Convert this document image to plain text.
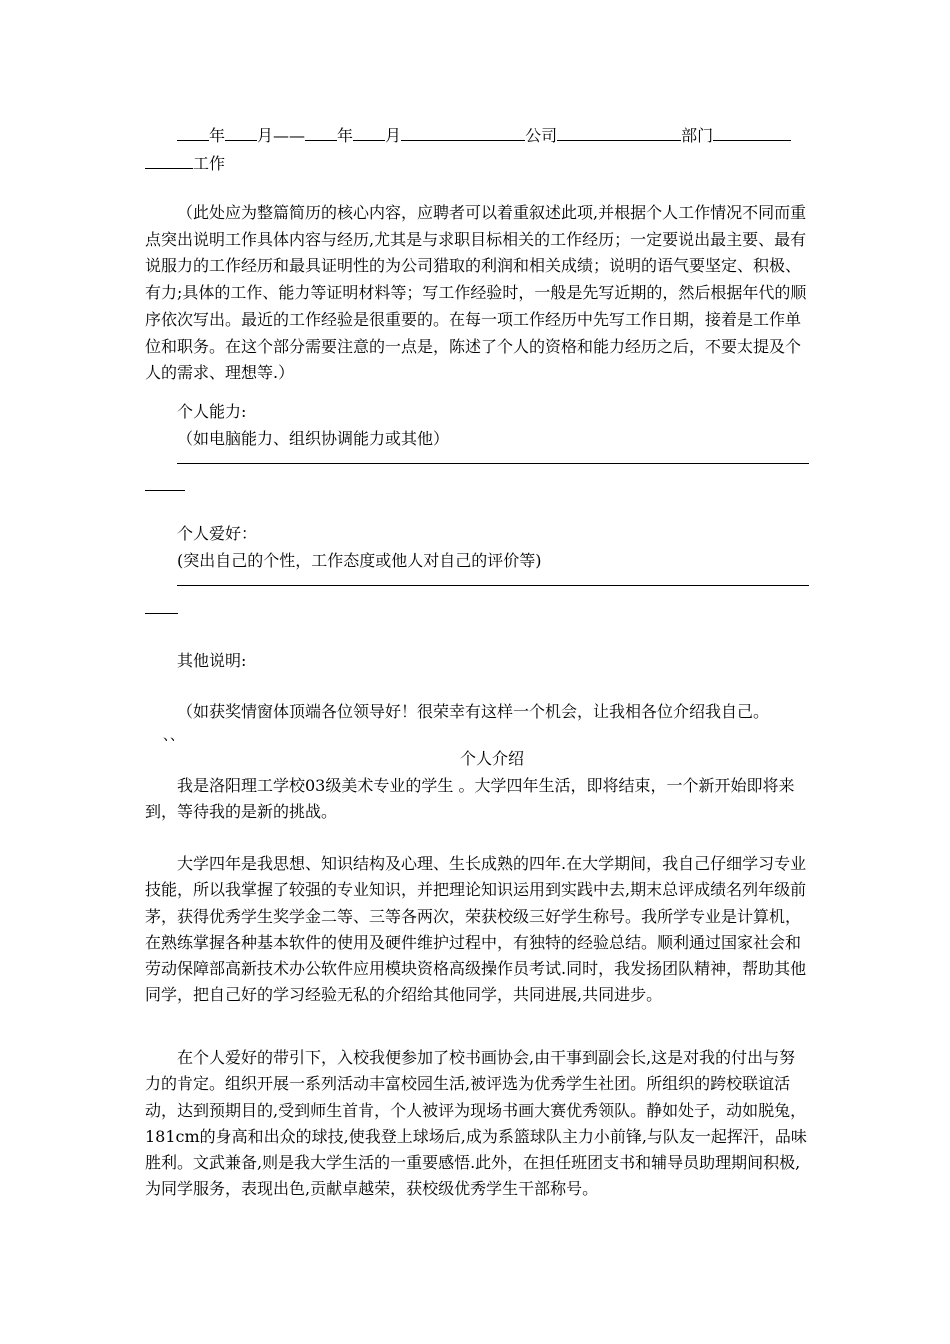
年 月—— 年 月	公司	部门
工作
（此处应为整篇简历的核心内容，应聘者可以着重叙述此项,并根据个人工作情况不同而重点突出说明工作具体内容与经历,尤其是与求职目标相关的工作经历；一定要说出最主要、最有说服力的工作经历和最具证明性的为公司猎取的利润和相关成绩；说明的语气要坚定、积极、有力;具体的工作、能力等证明材料等；写工作经验时，一般是先写近期的，然后根据年代的顺序依次写出。最近的工作经验是很重要的。在每一项工作经历中先写工作日期，接着是工作单位和职务。在这个部分需要注意的一点是，陈述了个人的资格和能力经历之后，不要太提及个人的需求、理想等.）
个人能力:
（如电脑能力、组织协调能力或其他）
个人爱好：
(突出自己的个性，工作态度或他人对自己的评价等)
其他说明:
（如获奖情窗体顶端各位领导好！很荣幸有这样一个机会，让我相各位介绍我自己。
、、
个人介绍
我是洛阳理工学校03级美术专业的学生 。大学四年生活，即将结束，一个新开始即将来到，等待我的是新的挑战。
大学四年是我思想、知识结构及心理、生长成熟的四年.在大学期间，我自己仔细学习专业技能，所以我掌握了较强的专业知识，并把理论知识运用到实践中去,期末总评成绩名列年级前茅，获得优秀学生奖学金二等、三等各两次，荣获校级三好学生称号。我所学专业是计算机，在熟练掌握各种基本软件的使用及硬件维护过程中，有独特的经验总结。顺利通过国家社会和劳动保障部高新技术办公软件应用模块资格高级操作员考试.同时，我发扬团队精神，帮助其他同学，把自己好的学习经验无私的介绍给其他同学，共同进展,共同进步。
在个人爱好的带引下，入校我便参加了校书画协会,由干事到副会长,这是对我的付出与努力的肯定。组织开展一系列活动丰富校园生活,被评选为优秀学生社团。所组织的跨校联谊活动，达到预期目的,受到师生首肯，个人被评为现场书画大赛优秀领队。静如处子，动如脱兔，181cm的身高和出众的球技,使我登上球场后,成为系篮球队主力小前锋,与队友一起挥汗，品味胜利。文武兼备,则是我大学生活的一重要感悟.此外，在担任班团支书和辅导员助理期间积极,为同学服务，表现出色,贡献卓越荣，获校级优秀学生干部称号。
